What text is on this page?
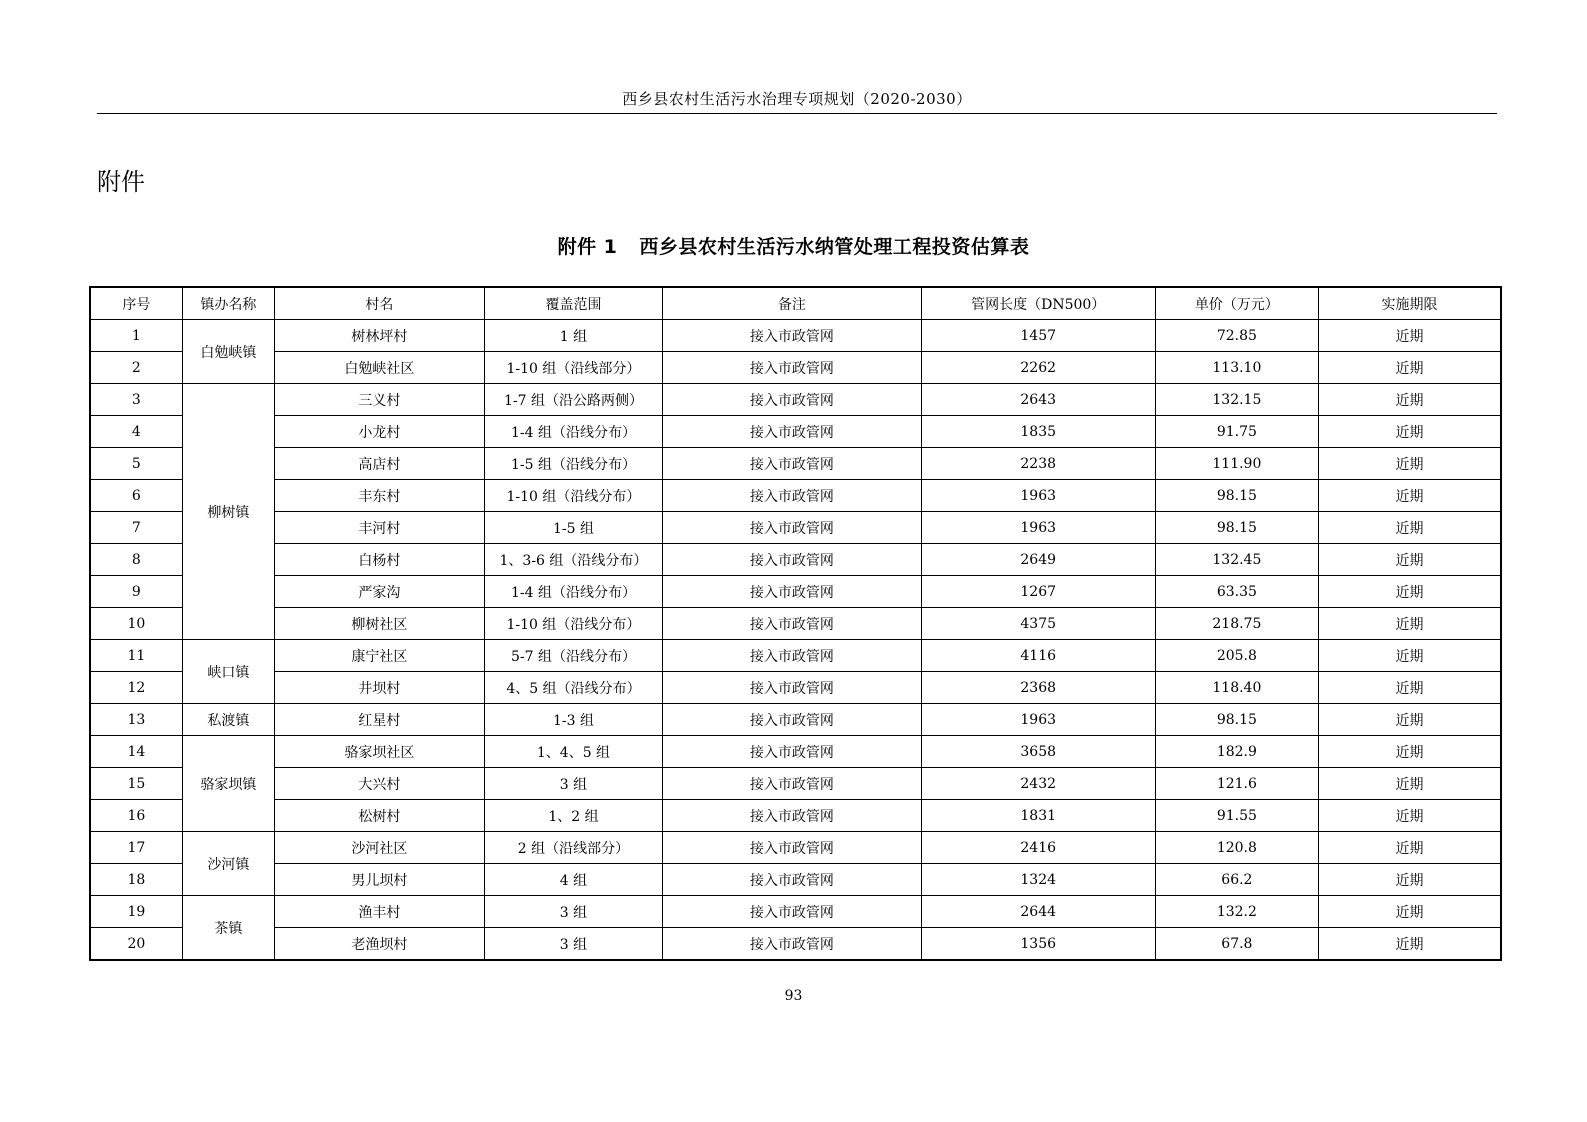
西乡县农村生活污水治理专项规划（2020-2030）
附件
附件 1 西乡县农村生活污水纳管处理工程投资估算表
序号	镇办名称	村名	覆盖范围	备注	管网长度（DN500）	单价（万元）	实施期限
1	白勉峡镇	树林坪村	1 组	接入市政管网	1457	72.85	近期
2		白勉峡社区	1-10 组（沿线部分）	接入市政管网	2262	113.10	近期
3	柳树镇	三义村	1-7 组（沿公路两侧）	接入市政管网	2643	132.15	近期
4		小龙村	1-4 组（沿线分布）	接入市政管网	1835	91.75	近期
5		高店村	1-5 组（沿线分布）	接入市政管网	2238	111.90	近期
6		丰东村	1-10 组（沿线分布）	接入市政管网	1963	98.15	近期
7		丰河村	1-5 组	接入市政管网	1963	98.15	近期
8		白杨村	1、3-6 组（沿线分布）	接入市政管网	2649	132.45	近期
9		严家沟	1-4 组（沿线分布）	接入市政管网	1267	63.35	近期
10		柳树社区	1-10 组（沿线分布）	接入市政管网	4375	218.75	近期
11	峡口镇	康宁社区	5-7 组（沿线分布）	接入市政管网	4116	205.8	近期
12		井坝村	4、5 组（沿线分布）	接入市政管网	2368	118.40	近期
13	私渡镇	红星村	1-3 组	接入市政管网	1963	98.15	近期
14	骆家坝镇	骆家坝社区	1、4、5 组	接入市政管网	3658	182.9	近期
15		大兴村	3 组	接入市政管网	2432	121.6	近期
16		松树村	1、2 组	接入市政管网	1831	91.55	近期
17	沙河镇	沙河社区	2 组（沿线部分）	接入市政管网	2416	120.8	近期
18		男儿坝村	4 组	接入市政管网	1324	66.2	近期
19	茶镇	渔丰村	3 组	接入市政管网	2644	132.2	近期
20		老渔坝村	3 组	接入市政管网	1356	67.8	近期
93
